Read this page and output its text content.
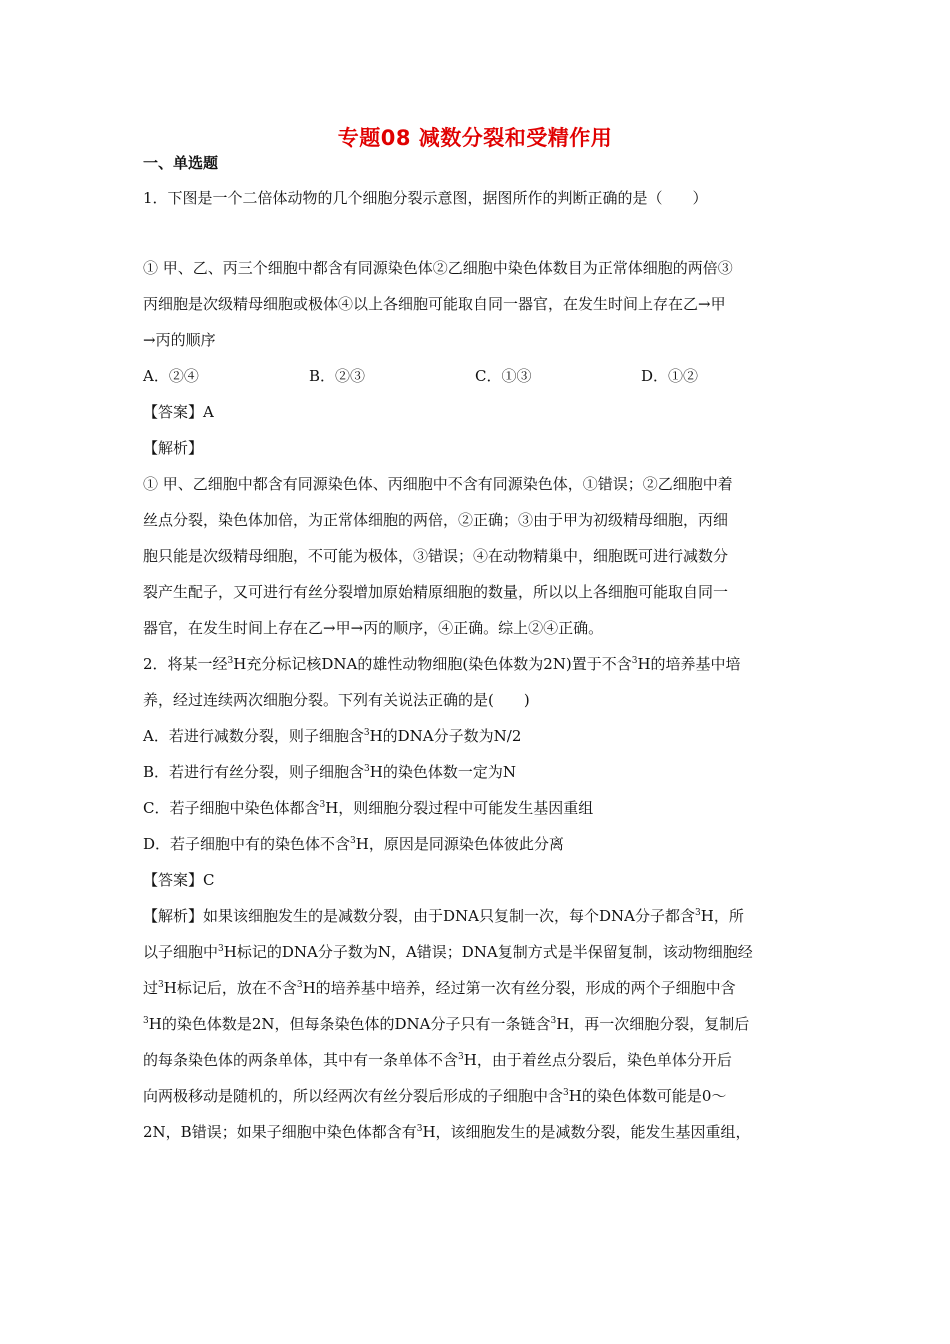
专题08 减数分裂和受精作用
一、单选题

1．下图是一个二倍体动物的几个细胞分裂示意图，据图所作的判断正确的是（　　）

① 甲、乙、丙三个细胞中都含有同源染色体②乙细胞中染色体数目为正常体细胞的两倍③

丙细胞是次级精母细胞或极体④以上各细胞可能取自同一器官，在发生时间上存在乙→甲

→丙的顺序

A．②④	B．②③	C．①③	D．①②

【答案】A

【解析】

① 甲、乙细胞中都含有同源染色体、丙细胞中不含有同源染色体，①错误；②乙细胞中着

丝点分裂，染色体加倍，为正常体细胞的两倍，②正确；③由于甲为初级精母细胞，丙细

胞只能是次级精母细胞，不可能为极体，③错误；④在动物精巢中，细胞既可进行减数分

裂产生配子，又可进行有丝分裂增加原始精原细胞的数量，所以以上各细胞可能取自同一

器官，在发生时间上存在乙→甲→丙的顺序，④正确。综上②④正确。

2．将某一经$^3$H充分标记核DNA的雄性动物细胞(染色体数为2N)置于不含$^3$H的培养基中培

养，经过连续两次细胞分裂。下列有关说法正确的是(　　)

A．若进行减数分裂，则子细胞含$^3$H的DNA分子数为N/2

B．若进行有丝分裂，则子细胞含$^3$H的染色体数一定为N

C．若子细胞中染色体都含$^3$H，则细胞分裂过程中可能发生基因重组

D．若子细胞中有的染色体不含$^3$H，原因是同源染色体彼此分离

【答案】C

【解析】如果该细胞发生的是减数分裂，由于DNA只复制一次，每个DNA分子都含$^3$H，所

以子细胞中$^3$H标记的DNA分子数为N，A错误；DNA复制方式是半保留复制，该动物细胞经

过$^3$H标记后，放在不含$^3$H的培养基中培养，经过第一次有丝分裂，形成的两个子细胞中含

$^3$H的染色体数是2N，但每条染色体的DNA分子只有一条链含$^3$H，再一次细胞分裂，复制后

的每条染色体的两条单体，其中有一条单体不含$^3$H，由于着丝点分裂后，染色单体分开后

向两极移动是随机的，所以经两次有丝分裂后形成的子细胞中含$^3$H的染色体数可能是0～

2N，B错误；如果子细胞中染色体都含有$^3$H，该细胞发生的是减数分裂，能发生基因重组，
